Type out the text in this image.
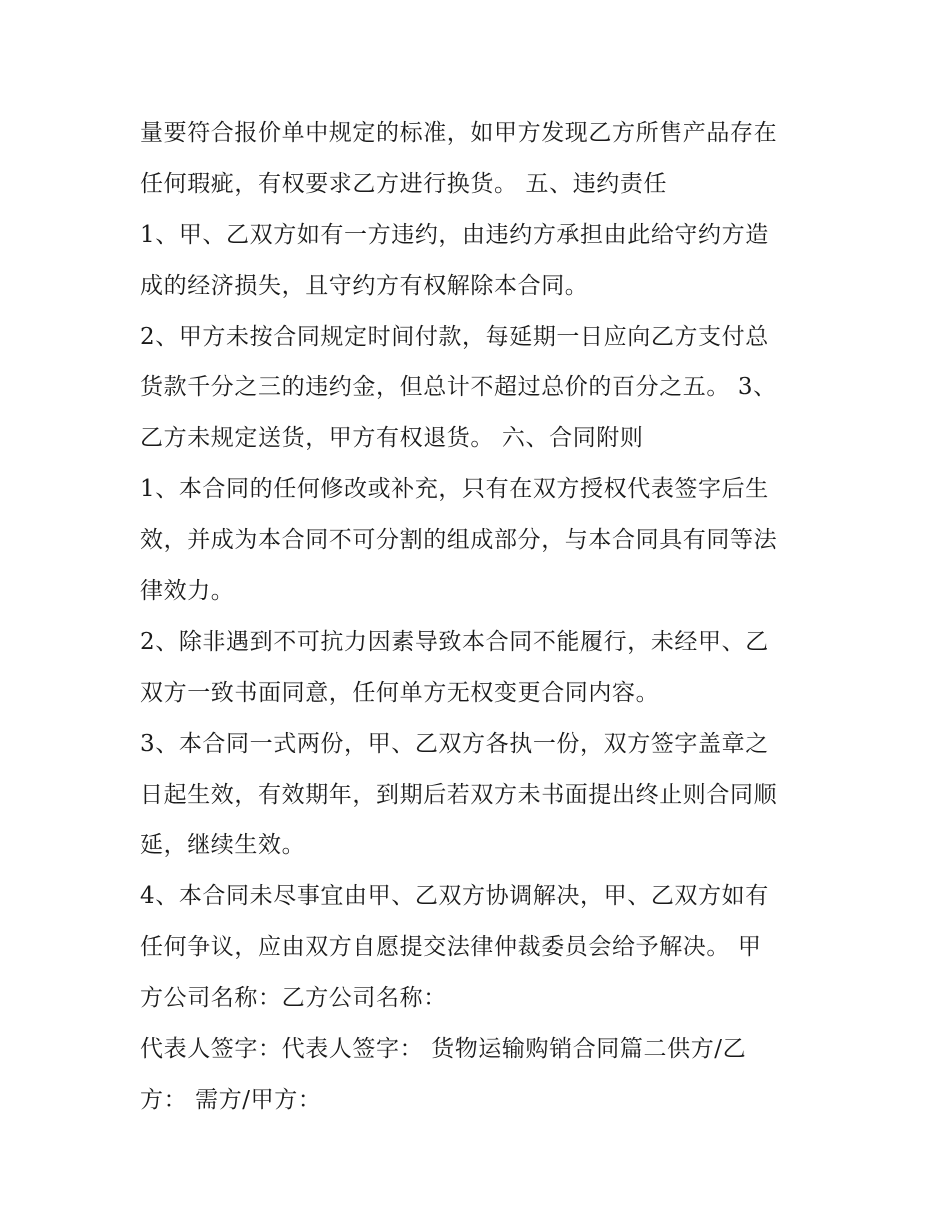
量要符合报价单中规定的标准，如甲方发现乙方所售产品存在
任何瑕疵，有权要求乙方进行换货。 五、违约责任
1、甲、乙双方如有一方违约，由违约方承担由此给守约方造
成的经济损失，且守约方有权解除本合同。
2、甲方未按合同规定时间付款，每延期一日应向乙方支付总
货款千分之三的违约金，但总计不超过总价的百分之五。 3、
乙方未规定送货，甲方有权退货。 六、合同附则
1、本合同的任何修改或补充，只有在双方授权代表签字后生
效，并成为本合同不可分割的组成部分，与本合同具有同等法
律效力。
2、除非遇到不可抗力因素导致本合同不能履行，未经甲、乙
双方一致书面同意，任何单方无权变更合同内容。
3、本合同一式两份，甲、乙双方各执一份，双方签字盖章之
日起生效，有效期年，到期后若双方未书面提出终止则合同顺
延，继续生效。
4、本合同未尽事宜由甲、乙双方协调解决，甲、乙双方如有
任何争议，应由双方自愿提交法律仲裁委员会给予解决。 甲
方公司名称：乙方公司名称：
代表人签字：代表人签字： 货物运输购销合同篇二供方/乙
方： 需方/甲方：
